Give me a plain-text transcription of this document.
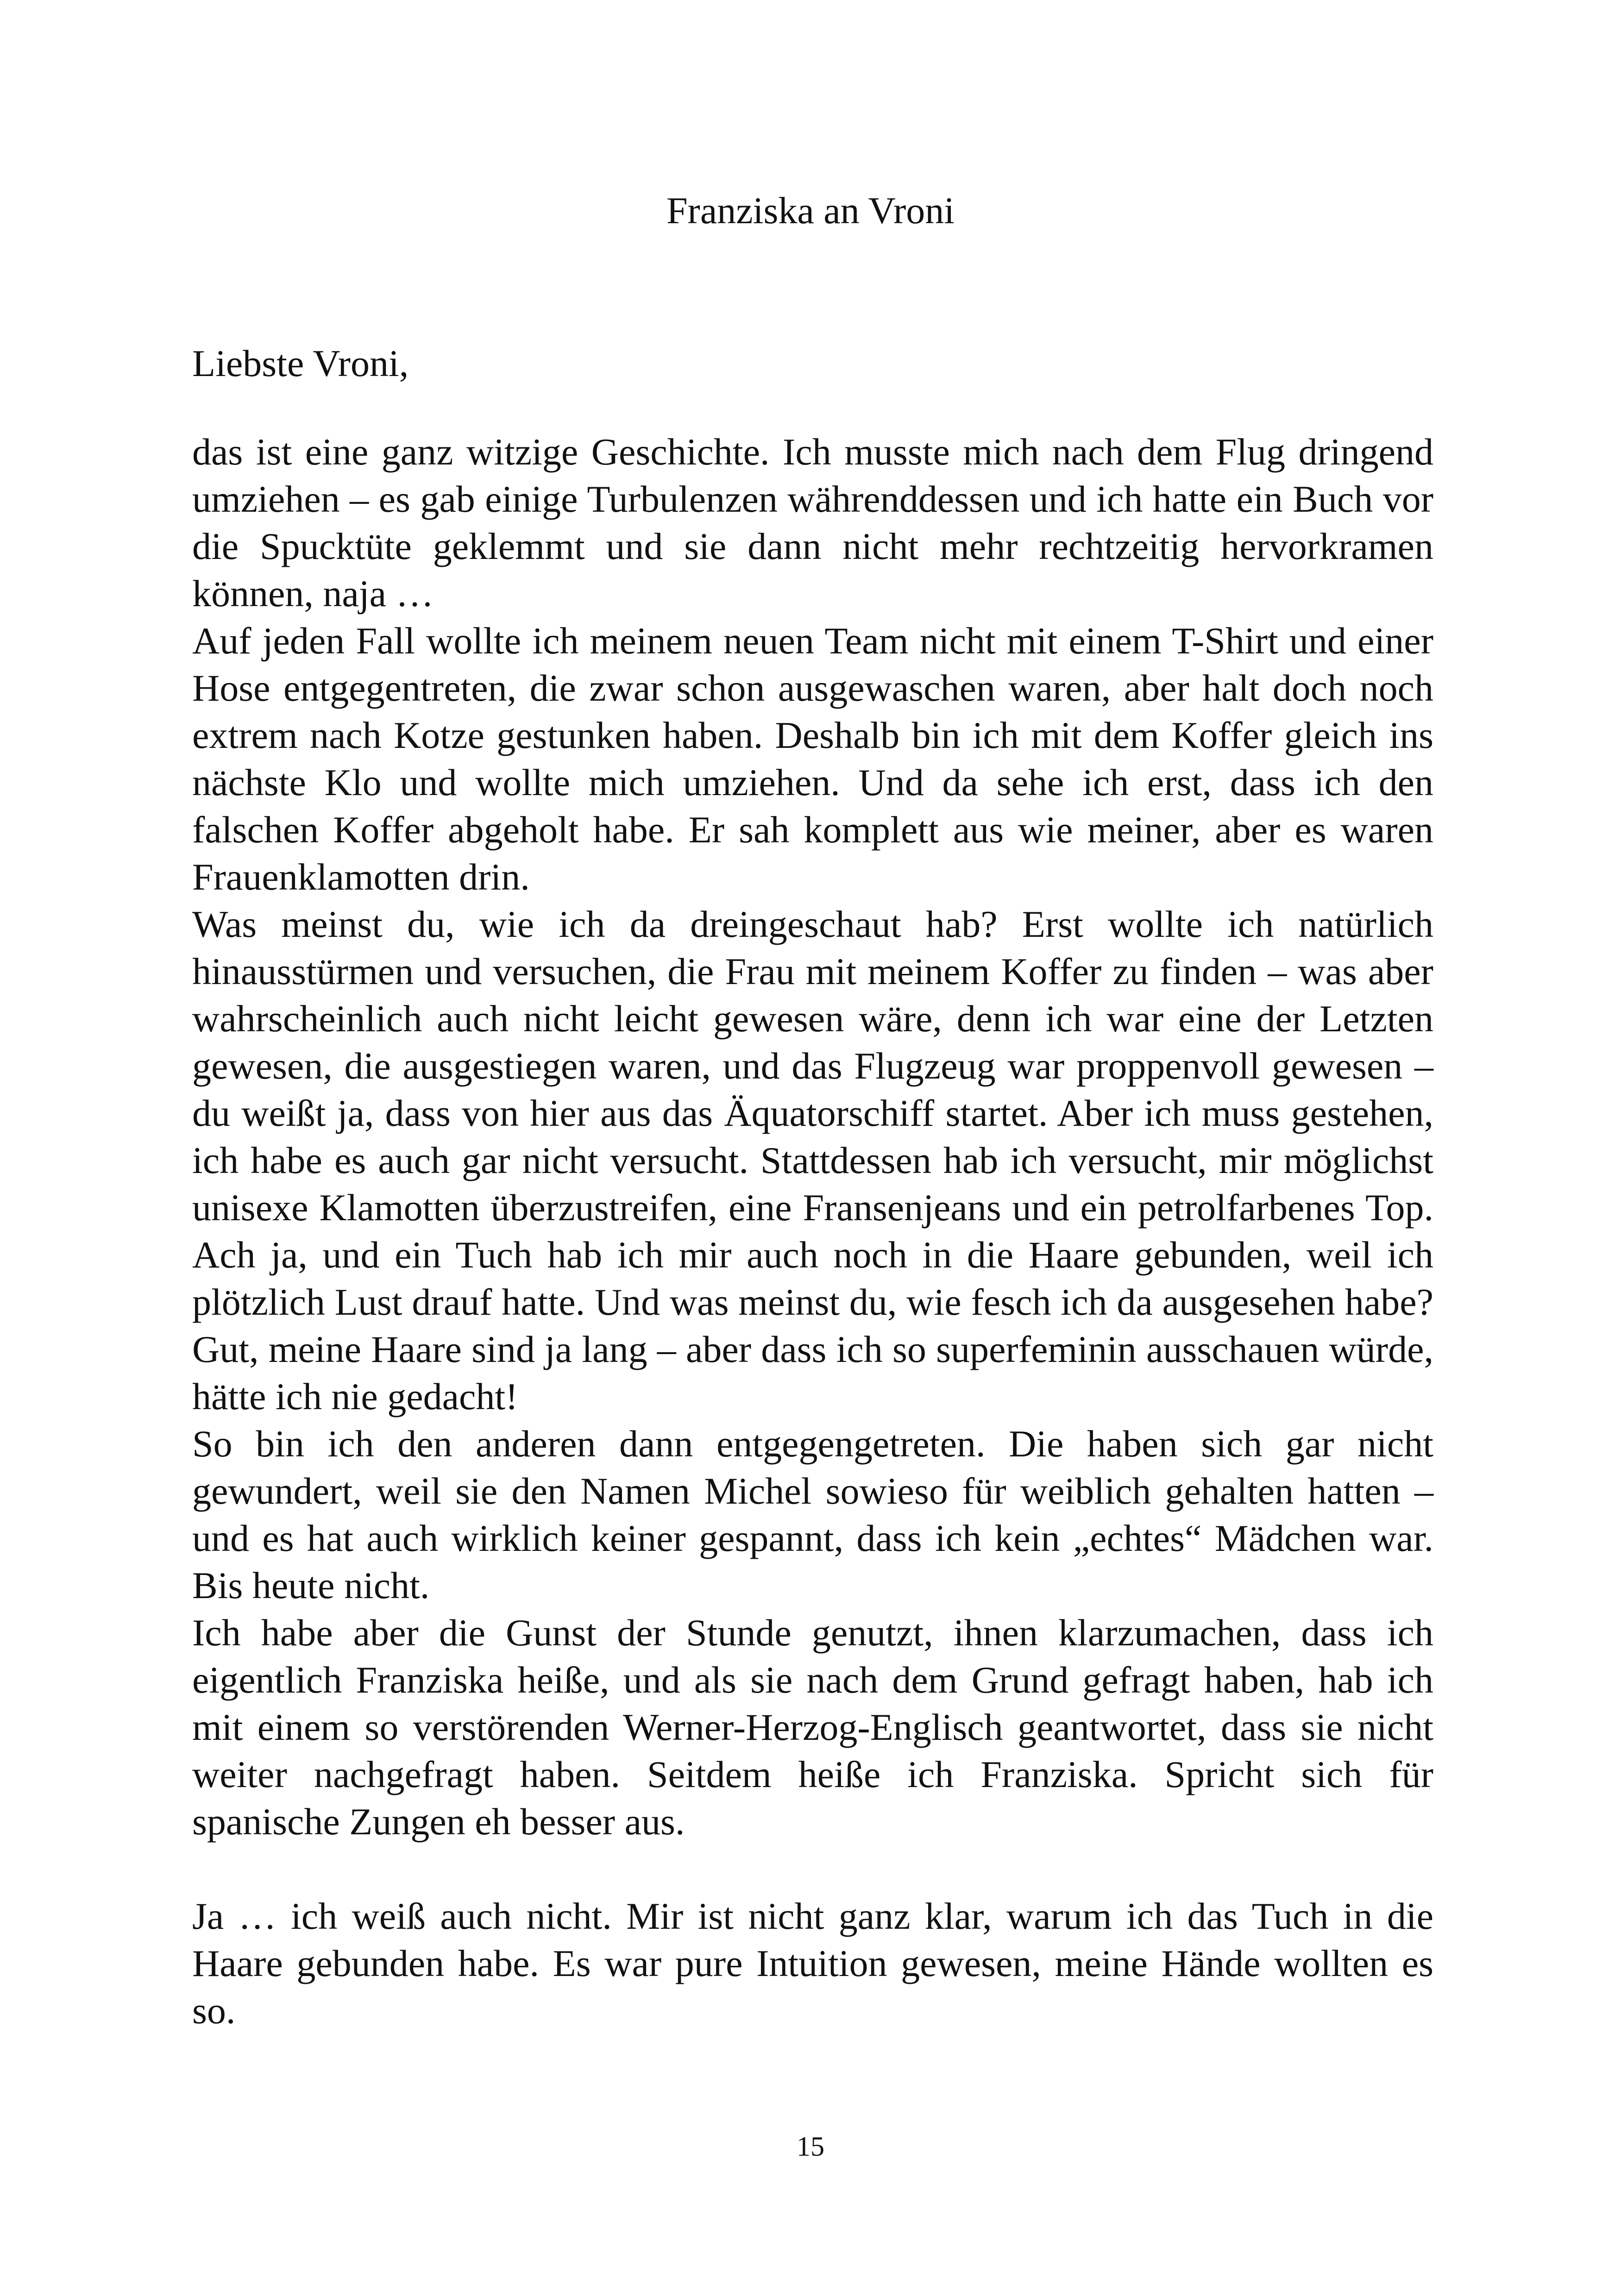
Franziska an Vroni

Liebste Vroni,

das ist eine ganz witzige Geschichte. Ich musste mich nach dem Flug dringend umziehen – es gab einige Turbulenzen währenddessen und ich hatte ein Buch vor die Spucktüte geklemmt und sie dann nicht mehr rechtzeitig hervorkramen können, naja …

Auf jeden Fall wollte ich meinem neuen Team nicht mit einem T-Shirt und einer Hose entgegentreten, die zwar schon ausgewaschen waren, aber halt doch noch extrem nach Kotze gestunken haben. Deshalb bin ich mit dem Koffer gleich ins nächste Klo und wollte mich umziehen. Und da sehe ich erst, dass ich den falschen Koffer abgeholt habe. Er sah komplett aus wie meiner, aber es waren Frauenklamotten drin.

Was meinst du, wie ich da dreingeschaut hab? Erst wollte ich natürlich hinausstürmen und versuchen, die Frau mit meinem Koffer zu finden – was aber wahrscheinlich auch nicht leicht gewesen wäre, denn ich war eine der Letzten gewesen, die ausgestiegen waren, und das Flugzeug war proppenvoll gewesen – du weißt ja, dass von hier aus das Äquatorschiff startet. Aber ich muss gestehen, ich habe es auch gar nicht versucht. Stattdessen hab ich versucht, mir möglichst unisexe Klamotten überzustreifen, eine Fransenjeans und ein petrolfarbenes Top. Ach ja, und ein Tuch hab ich mir auch noch in die Haare gebunden, weil ich plötzlich Lust drauf hatte. Und was meinst du, wie fesch ich da ausgesehen habe? Gut, meine Haare sind ja lang – aber dass ich so superfeminin ausschauen würde, hätte ich nie gedacht!

So bin ich den anderen dann entgegengetreten. Die haben sich gar nicht gewundert, weil sie den Namen Michel sowieso für weiblich gehalten hatten – und es hat auch wirklich keiner gespannt, dass ich kein „echtes“ Mädchen war. Bis heute nicht.

Ich habe aber die Gunst der Stunde genutzt, ihnen klarzumachen, dass ich eigentlich Franziska heiße, und als sie nach dem Grund gefragt haben, hab ich mit einem so verstörenden Werner-Herzog-Englisch geantwortet, dass sie nicht weiter nachgefragt haben. Seitdem heiße ich Franziska. Spricht sich für spanische Zungen eh besser aus.

Ja … ich weiß auch nicht. Mir ist nicht ganz klar, warum ich das Tuch in die Haare gebunden habe. Es war pure Intuition gewesen, meine Hände wollten es so.

15
